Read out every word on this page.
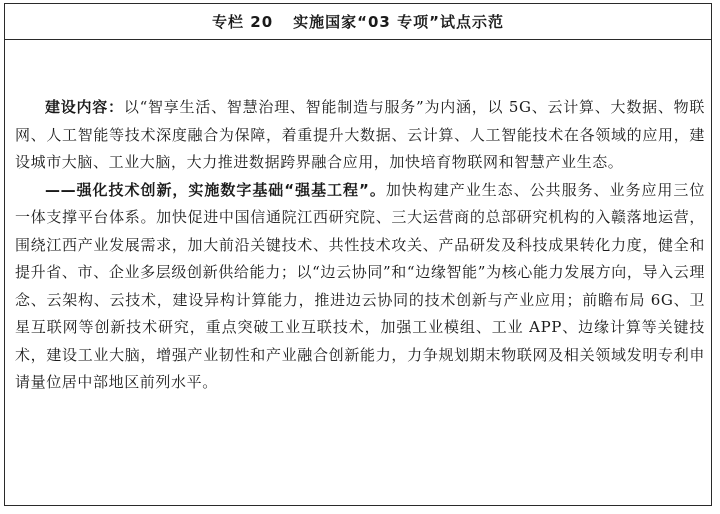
专栏 20 实施国家“03 专项”试点示范

建设内容：以“智享生活、智慧治理、智能制造与服务”为内涵，以 5G、云计算、大数据、物联网、人工智能等技术深度融合为保障，着重提升大数据、云计算、人工智能技术在各领域的应用，建设城市大脑、工业大脑，大力推进数据跨界融合应用，加快培育物联网和智慧产业生态。

——强化技术创新，实施数字基础“强基工程”。加快构建产业生态、公共服务、业务应用三位一体支撑平台体系。加快促进中国信通院江西研究院、三大运营商的总部研究机构的入赣落地运营，围绕江西产业发展需求，加大前沿关键技术、共性技术攻关、产品研发及科技成果转化力度，健全和提升省、市、企业多层级创新供给能力；以“边云协同”和“边缘智能”为核心能力发展方向，导入云理念、云架构、云技术，建设异构计算能力，推进边云协同的技术创新与产业应用；前瞻布局 6G、卫星互联网等创新技术研究，重点突破工业互联技术，加强工业模组、工业 APP、边缘计算等关键技术，建设工业大脑，增强产业韧性和产业融合创新能力，力争规划期末物联网及相关领域发明专利申请量位居中部地区前列水平。
